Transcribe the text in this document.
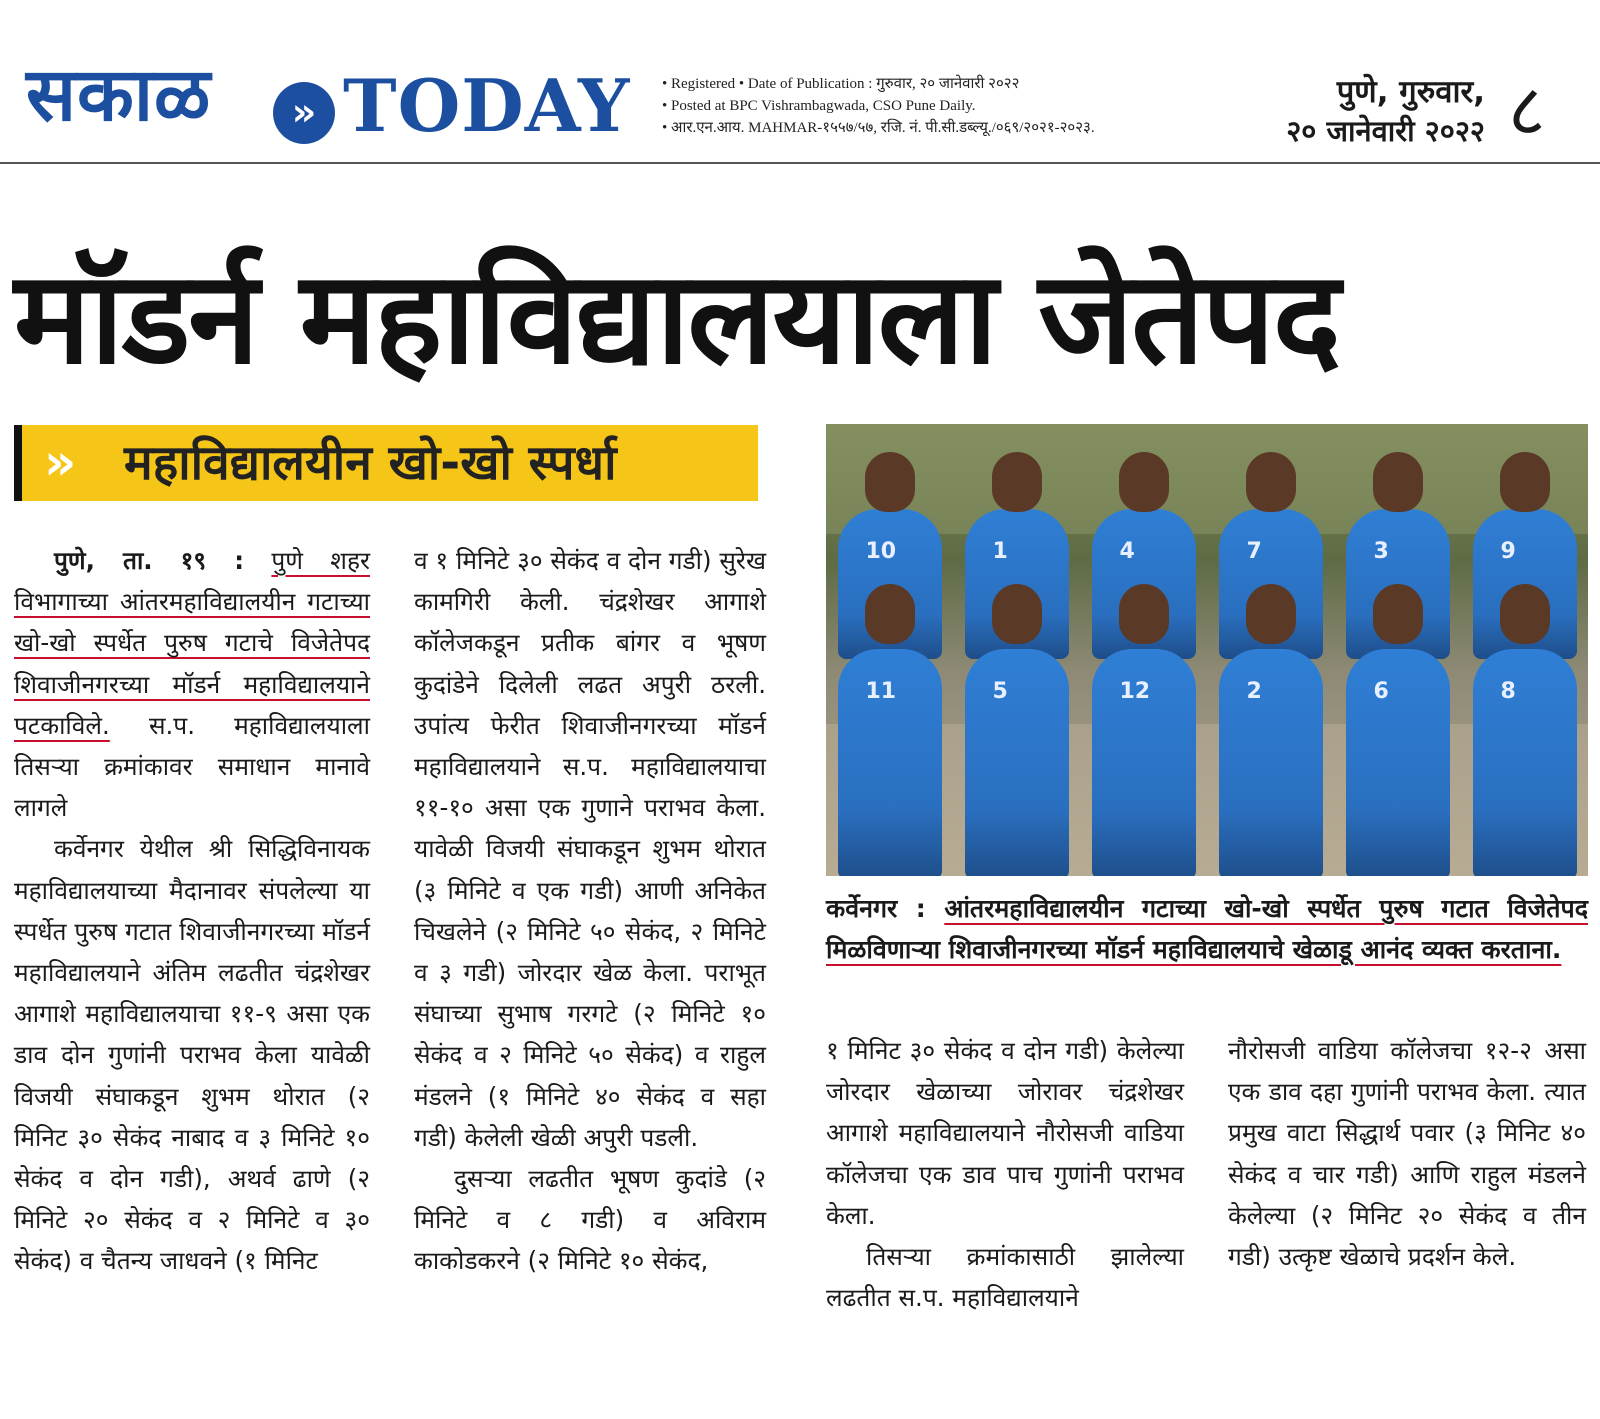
सकाळ	» TODAY • Registered • Date of Publication : गुरुवार, २० जानेवारी २०२२
• Posted at BPC Vishrambagwada, CSO Pune Daily.
• आर.एन.आय. MAHMAR-१५५७/५७, रजि. नं. पी.सी.डब्ल्यू./०६९/२०२१-२०२३.
पुणे, गुरुवार,
२० जानेवारी २०२२ ८
मॉडर्न महाविद्यालयाला जेतेपद
» महाविद्यालयीन खो-खो स्पर्धा

पुणे, ता. १९ : पुणे शहर विभागाच्या आंतरमहाविद्यालयीन गटाच्या खो-खो स्पर्धेत पुरुष गटाचे विजेतेपद शिवाजीनगरच्या मॉडर्न महाविद्यालयाने पटकाविले. स.प. महाविद्यालयाला तिसऱ्या क्रमांकावर समाधान मानावे लागले

कर्वेनगर येथील श्री सिद्धिविनायक महाविद्यालयाच्या मैदानावर संपलेल्या या स्पर्धेत पुरुष गटात शिवाजीनगरच्या मॉडर्न महाविद्यालयाने अंतिम लढतीत चंद्रशेखर आगाशे महाविद्यालयाचा ११-९ असा एक डाव दोन गुणांनी पराभव केला यावेळी विजयी संघाकडून शुभम थोरात (२ मिनिट ३० सेकंद नाबाद व ३ मिनिटे १० सेकंद व दोन गडी), अथर्व ढाणे (२ मिनिटे २० सेकंद व २ मिनिटे व ३० सेकंद) व चैतन्य जाधवने (१ मिनिट

व १ मिनिटे ३० सेकंद व दोन गडी) सुरेख कामगिरी केली. चंद्रशेखर आगाशे कॉलेजकडून प्रतीक बांगर व भूषण कुदांडेने दिलेली लढत अपुरी ठरली. उपांत्य फेरीत शिवाजीनगरच्या मॉडर्न महाविद्यालयाने स.प. महाविद्यालयाचा ११-१० असा एक गुणाने पराभव केला. यावेळी विजयी संघाकडून शुभम थोरात (३ मिनिटे व एक गडी) आणी अनिकेत चिखलेने (२ मिनिटे ५० सेकंद, २ मिनिटे व ३ गडी) जोरदार खेळ केला. पराभूत संघाच्या सुभाष गरगटे (२ मिनिटे १० सेकंद व २ मिनिटे ५० सेकंद) व राहुल मंडलने (१ मिनिटे ४० सेकंद व सहा गडी) केलेली खेळी अपुरी पडली.

दुसऱ्या लढतीत भूषण कुदांडे (२ मिनिटे व ८ गडी) व अविराम काकोडकरने (२ मिनिटे १० सेकंद,

10	1	4	7	3	9
11	5	12	2	6	8
कर्वेनगर : आंतरमहाविद्यालयीन गटाच्या खो-खो स्पर्धेत पुरुष गटात विजेतेपद मिळविणाऱ्या शिवाजीनगरच्या मॉडर्न महाविद्यालयाचे खेळाडू आनंद व्यक्त करताना.

१ मिनिट ३० सेकंद व दोन गडी) केलेल्या जोरदार खेळाच्या जोरावर चंद्रशेखर आगाशे महाविद्यालयाने नौरोसजी वाडिया कॉलेजचा एक डाव पाच गुणांनी पराभव केला.

तिसऱ्या क्रमांकासाठी झालेल्या लढतीत स.प. महाविद्यालयाने

नौरोसजी वाडिया कॉलेजचा १२-२ असा एक डाव दहा गुणांनी पराभव केला. त्यात प्रमुख वाटा सिद्धार्थ पवार (३ मिनिट ४० सेकंद व चार गडी) आणि राहुल मंडलने केलेल्या (२ मिनिट २० सेकंद व तीन गडी) उत्कृष्ट खेळाचे प्रदर्शन केले.
